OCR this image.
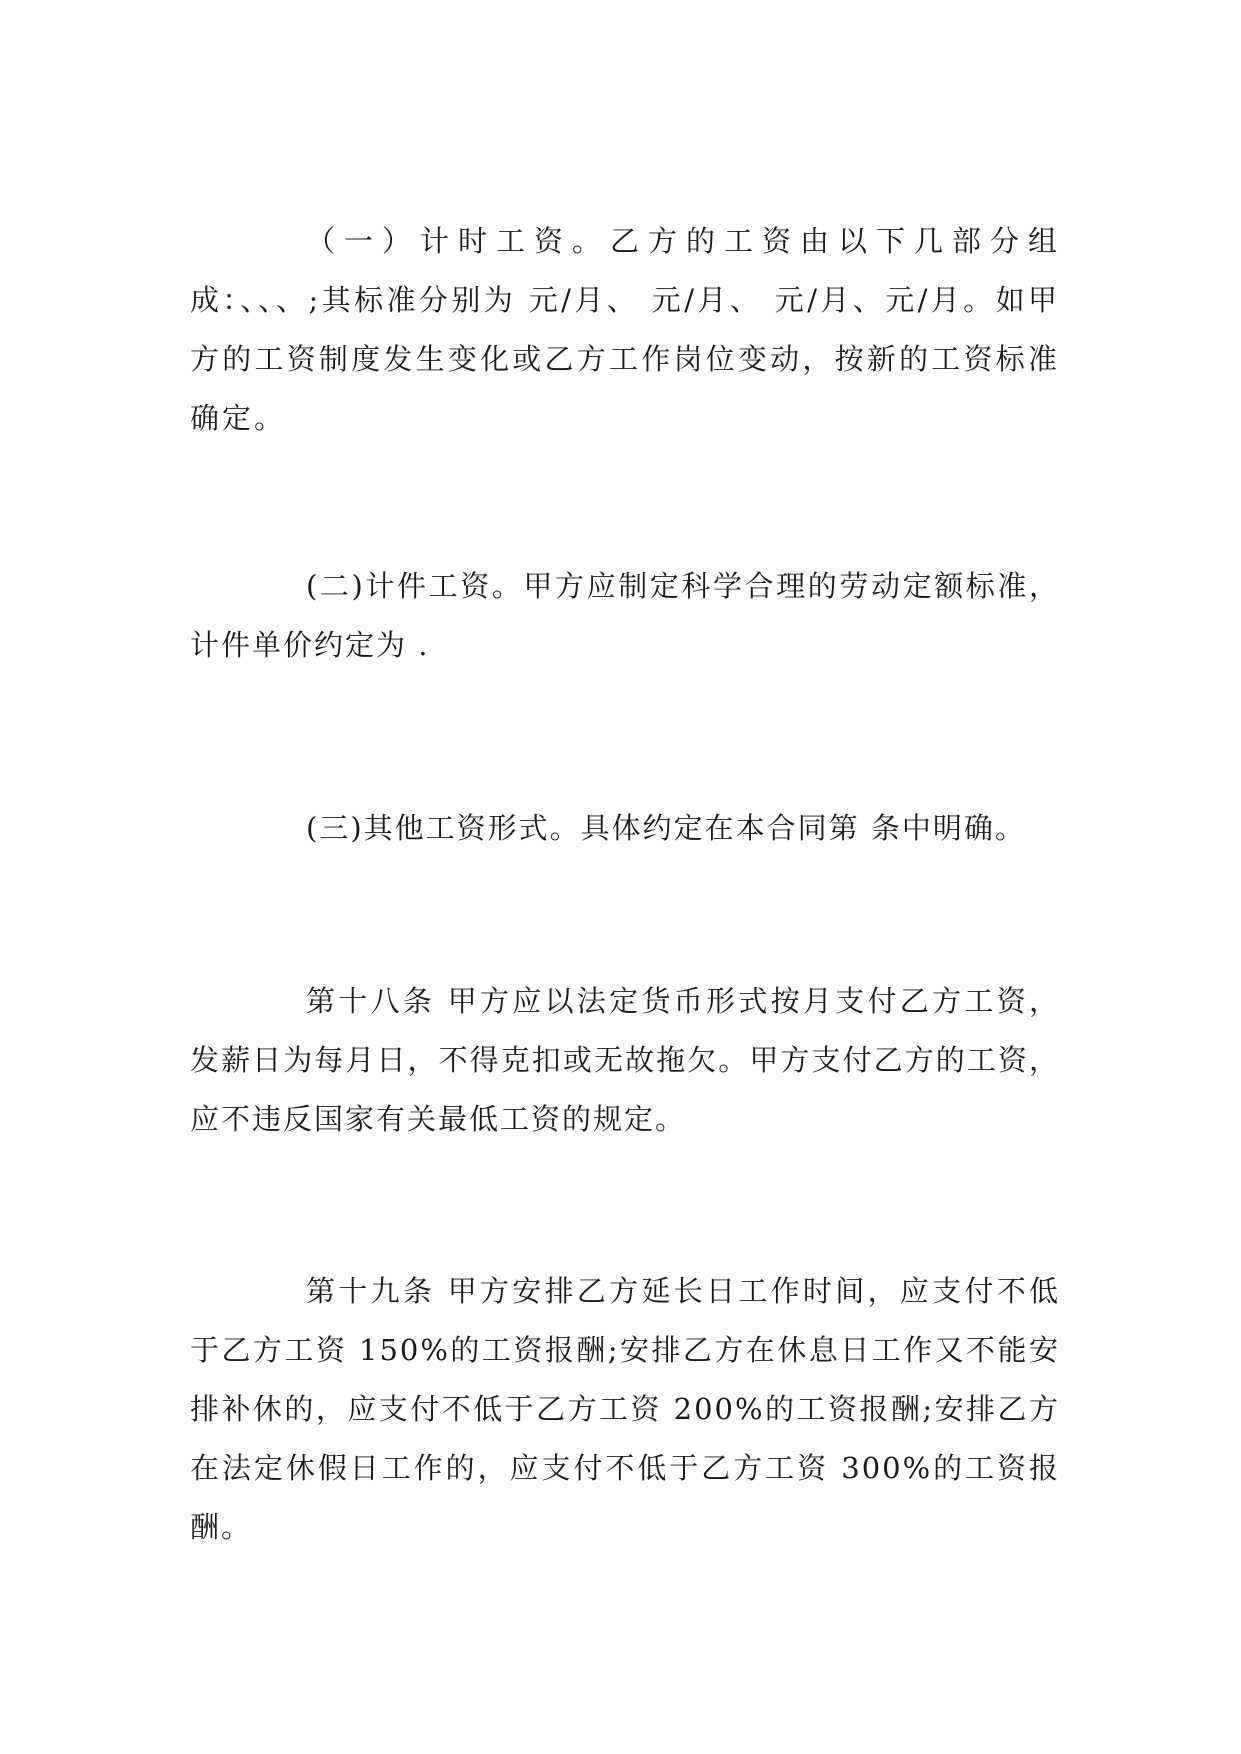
（一）计时工资。乙方的工资由以下几部分组成：、、、;其标准分别为 元/月、 元/月、 元/月、元/月。如甲方的工资制度发生变化或乙方工作岗位变动，按新的工资标准确定。

(二)计件工资。甲方应制定科学合理的劳动定额标准，计件单价约定为 .

(三)其他工资形式。具体约定在本合同第 条中明确。

第十八条 甲方应以法定货币形式按月支付乙方工资，发薪日为每月日，不得克扣或无故拖欠。甲方支付乙方的工资，应不违反国家有关最低工资的规定。

第十九条 甲方安排乙方延长日工作时间，应支付不低于乙方工资 150%的工资报酬;安排乙方在休息日工作又不能安排补休的，应支付不低于乙方工资 200%的工资报酬;安排乙方在法定休假日工作的，应支付不低于乙方工资 300%的工资报酬。
